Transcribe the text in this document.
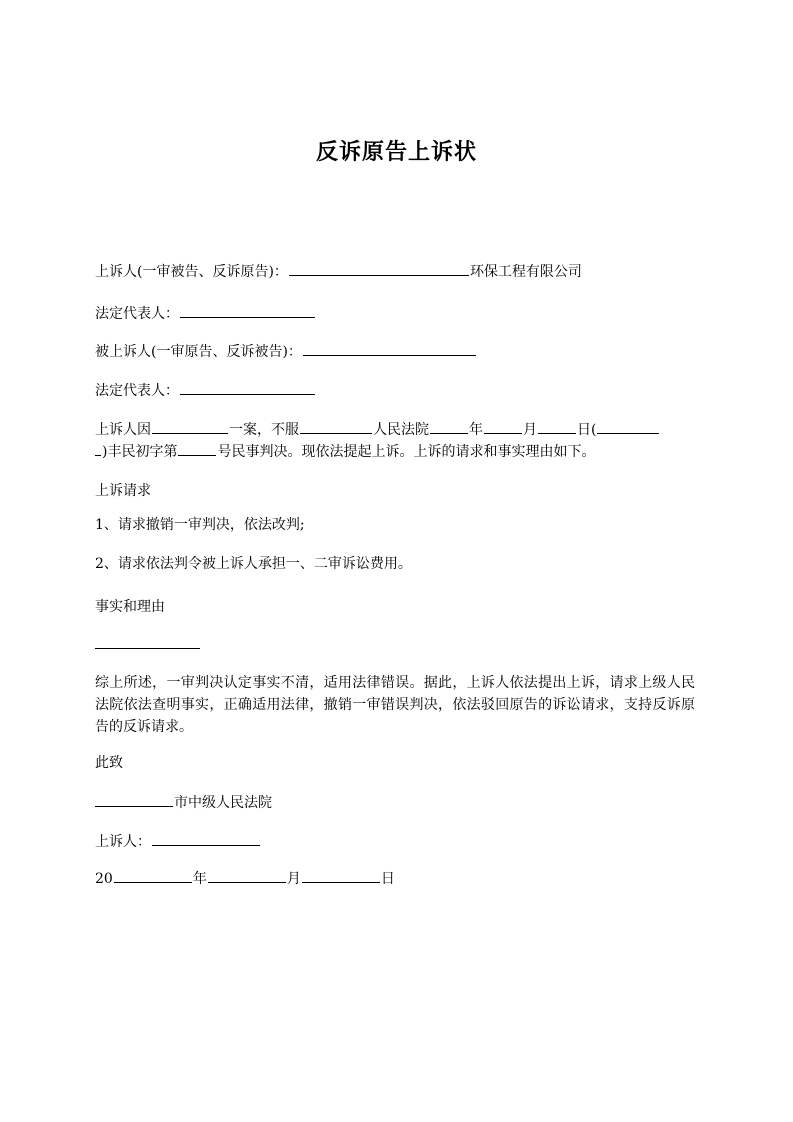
反诉原告上诉状
上诉人(一审被告、反诉原告)：	环保工程有限公司
法定代表人：
被上诉人(一审原告、反诉被告)：
法定代表人：
上诉人因	一案，不服	人民法院	年	月	日(
)丰民初字第	号民事判决。现依法提起上诉。上诉的请求和事实理由如下。
上诉请求
1、请求撤销一审判决，依法改判;
2、请求依法判令被上诉人承担一、二审诉讼费用。
事实和理由
综上所述，一审判决认定事实不清，适用法律错误。据此，上诉人依法提出上诉，请求上级人民法院依法查明事实，正确适用法律，撤销一审错误判决，依法驳回原告的诉讼请求，支持反诉原告的反诉请求。
此致
市中级人民法院
上诉人：
20	年	月	日
